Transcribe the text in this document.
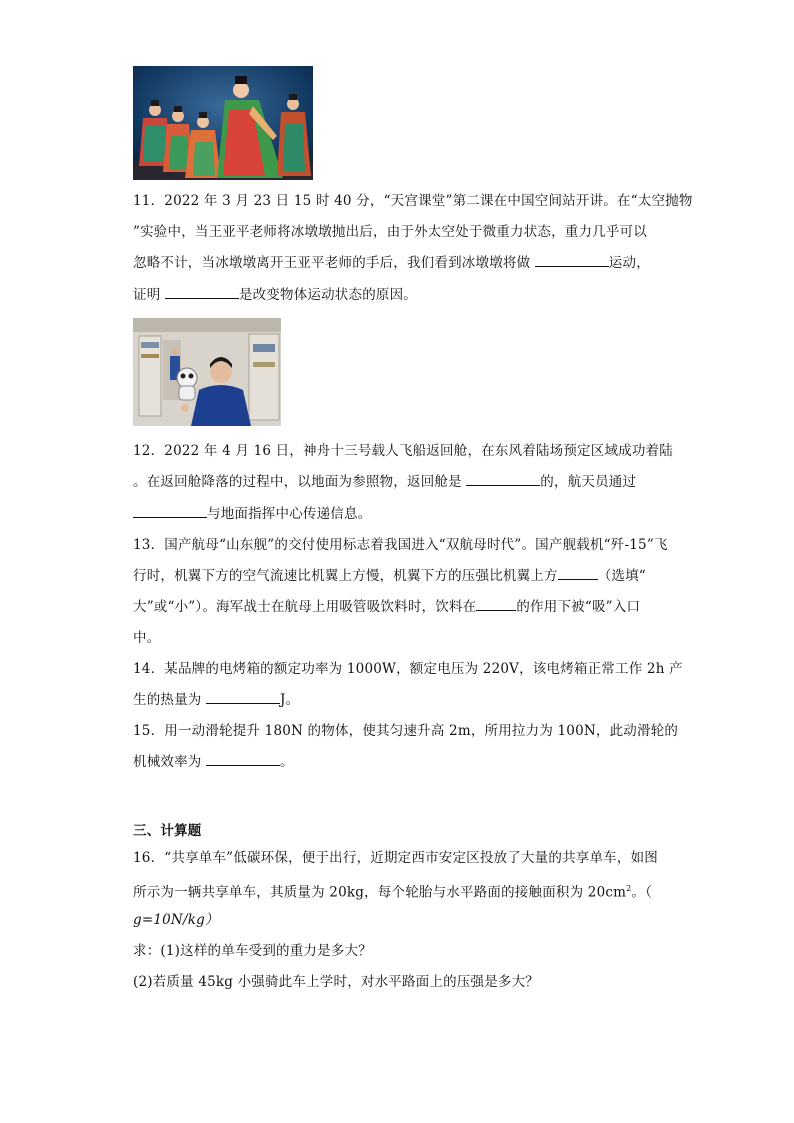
11．2022 年 3 月 23 日 15 时 40 分，“天宫课堂”第二课在中国空间站开讲。在“太空抛物
”实验中，当王亚平老师将冰墩墩抛出后，由于外太空处于微重力状态，重力几乎可以
忽略不计，当冰墩墩离开王亚平老师的手后，我们看到冰墩墩将做	运动，
证明	是改变物体运动状态的原因。
12．2022 年 4 月 16 日，神舟十三号载人飞船返回舱，在东风着陆场预定区域成功着陆
。在返回舱降落的过程中，以地面为参照物，返回舱是	的，航天员通过
与地面指挥中心传递信息。
13．国产航母“山东舰”的交付使用标志着我国进入“双航母时代”。国产舰载机“歼-15”飞
行时，机翼下方的空气流速比机翼上方慢，机翼下方的压强比机翼上方	（选填“
大”或“小”）。海军战士在航母上用吸管吸饮料时，饮料在	的作用下被“吸”入口
中。
14．某品牌的电烤箱的额定功率为 1000W，额定电压为 220V，该电烤箱正常工作 2h 产
生的热量为	J。
15．用一动滑轮提升 180N 的物体，使其匀速升高 2m，所用拉力为 100N，此动滑轮的
机械效率为	。
三、计算题
16．“共享单车”低碳环保，便于出行，近期定西市安定区投放了大量的共享单车，如图
所示为一辆共享单车，其质量为 20kg，每个轮胎与水平路面的接触面积为 $20cm^2$。（
g=10N/kg）
求：(1)这样的单车受到的重力是多大？
(2)若质量 45kg 小强骑此车上学时，对水平路面上的压强是多大？
